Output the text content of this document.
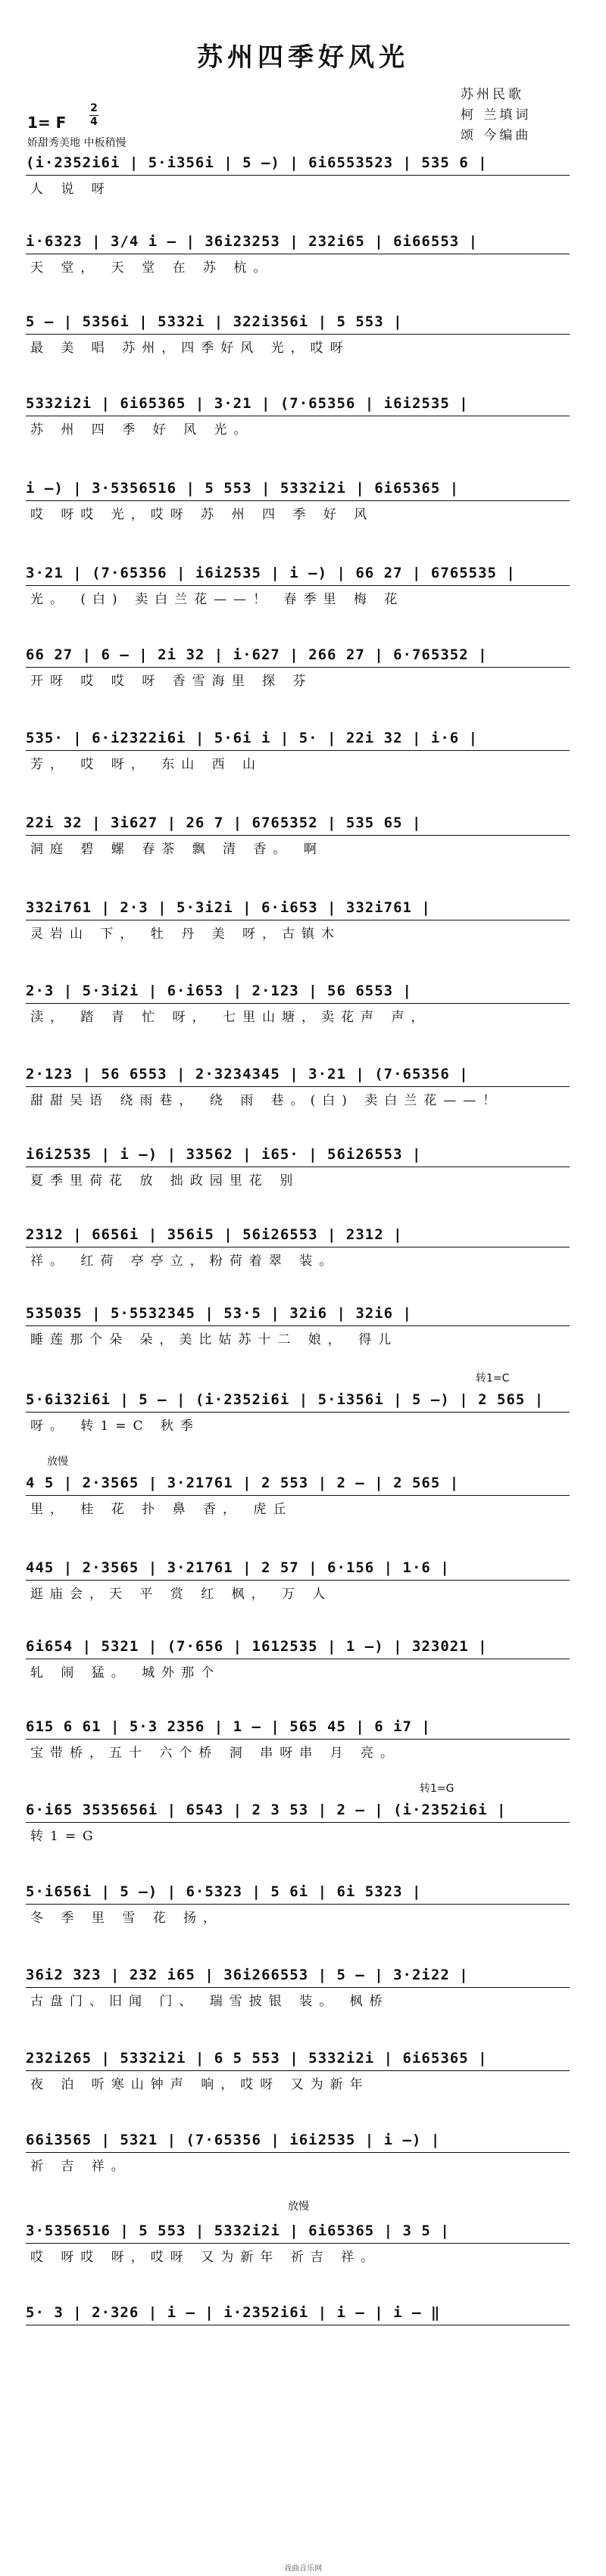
苏州四季好风光
苏州民歌
柯 兰填词
颂 今编曲
1= F
2
4
娇甜秀美地 中板稍慢
(i·2352i6i | 5·i356i | 5 —) | 6i6553523 | 535 6 |
人 说 呀
i·6323 | 3/4 i — | 36i23253 | 232i65 | 6i66553 |
天 堂， 天 堂 在 苏 杭。
5 — | 5356i | 5332i | 322i356i | 5 553 |
最 美 唱 苏州，四季好风 光，哎呀
5332i2i | 6i65365 | 3·21 | (7·65356 | i6i2535 |
苏 州 四 季 好 风 光。
i —) | 3·5356516 | 5 553 | 5332i2i | 6i65365 |
哎 呀哎 光，哎呀 苏 州 四 季 好 风
3·21 | (7·65356 | i6i2535 | i —) | 66 27 | 6765535 |
光。 (白) 卖白兰花——！ 春季里 梅 花
66 27 | 6 — | 2i 32 | i·627 | 266 27 | 6·765352 |
开呀 哎 哎 呀 香雪海里 探 芬
535· | 6·i2322i6i | 5·6i i | 5· | 22i 32 | i·6 |
芳， 哎 呀， 东山 西 山
22i 32 | 3i627 | 26 7 | 6765352 | 535 65 |
洞庭 碧 螺 春茶 飘 清 香。 啊
332i761 | 2·3 | 5·3i2i | 6·i653 | 332i761 |
灵岩山 下， 牡 丹 美 呀，古镇木
2·3 | 5·3i2i | 6·i653 | 2·123 | 56 6553 |
渎， 踏 青 忙 呀， 七里山塘，卖花声 声，
2·123 | 56 6553 | 2·3234345 | 3·21 | (7·65356 |
甜甜吴语 绕雨巷， 绕 雨 巷。(白) 卖白兰花——！
i6i2535 | i —) | 33562 | i65· | 56i26553 |
夏季里荷花 放 拙政园里花 别
2312 | 6656i | 356i5 | 56i26553 | 2312 |
祥。 红荷 亭亭立，粉荷着翠 装。
535035 | 5·5532345 | 53·5 | 32i6 | 32i6 |
睡莲那个朵 朵，美比姑苏十二 娘， 得儿
5·6i32i6i | 5 — | (i·2352i6i | 5·i356i | 5 —) | 2 565 |
呀。 转1=C 秋季
4 5 | 2·3565 | 3·21761 | 2 553 | 2 — | 2 565 |
里， 桂 花 扑 鼻 香， 虎丘
445 | 2·3565 | 3·21761 | 2 57 | 6·156 | 1·6 |
逛庙会，天 平 赏 红 枫， 万 人
6i654 | 5321 | (7·656 | 1612535 | 1 —) | 323021 |
轧 闹 猛。 城外那个
615 6 61 | 5·3 2356 | 1 — | 565 45 | 6 i7 |
宝带桥，五十 六个桥 洞 串呀串 月 亮。
6·i65 3535656i | 6543 | 2 3 53 | 2 — | (i·2352i6i |
转1=G
5·i656i | 5 —) | 6·5323 | 5 6i | 6i 5323 |
冬 季 里 雪 花 扬，
36i2 323 | 232 i65 | 36i266553 | 5 — | 3·2i22 |
古盘门、旧闻 门、 瑞雪披银 装。 枫桥
232i265 | 5332i2i | 6 5 553 | 5332i2i | 6i65365 |
夜 泊 听寒山钟声 响，哎呀 又为新年
66i3565 | 5321 | (7·65356 | i6i2535 | i —) |
祈 吉 祥。
3·5356516 | 5 553 | 5332i2i | 6i65365 | 3 5 |
哎 呀哎 呀，哎呀 又为新年 祈吉 祥。
5· 3 | 2·326 | i — | i·2352i6i | i — | i — ‖
放慢
转1=C
转1=G
放慢
戏曲音乐网
